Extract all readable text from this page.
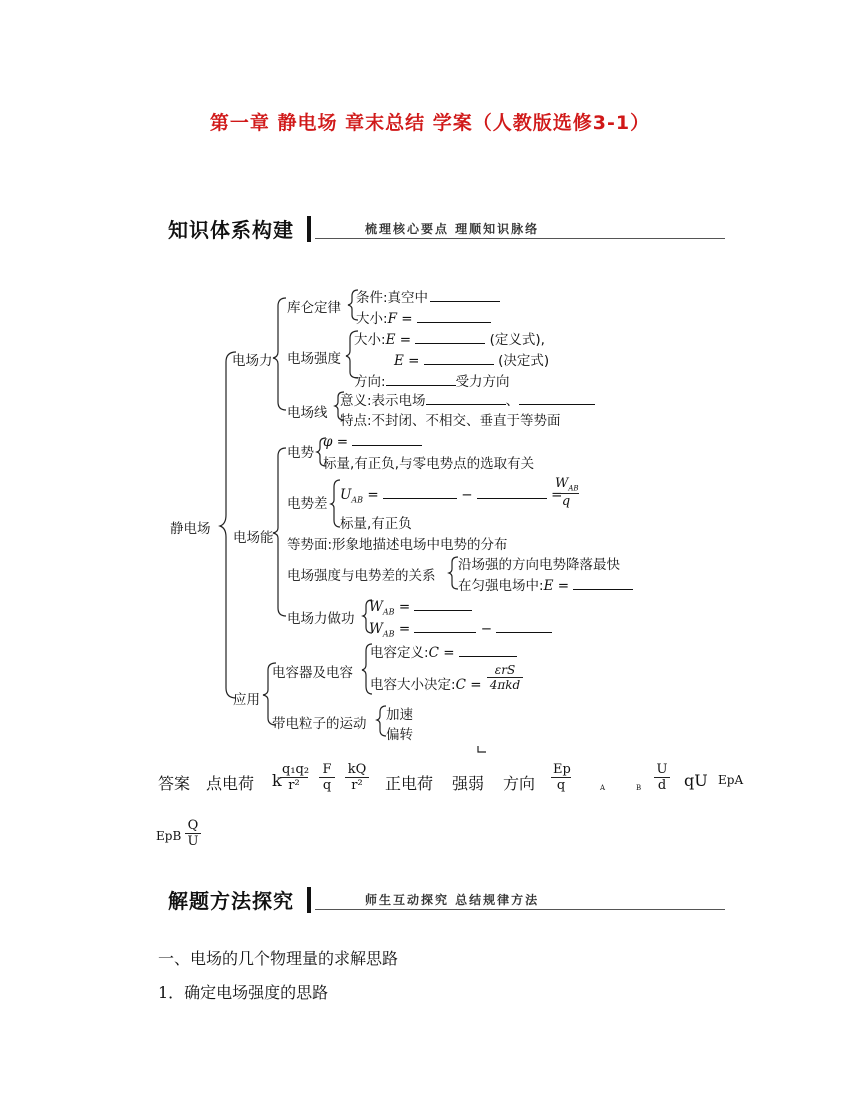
第一章 静电场 章末总结 学案（人教版选修3-1）
知识体系构建	梳理核心要点 理顺知识脉络
静电场
电场力
库仑定律
条件:真空中
大小:F =
电场强度
大小:E =	(定义式),
E =	(决定式)
方向:	受力方向
电场线
意义:表示电场	、
特点:不封闭、不相交、垂直于等势面
电场能
电势
φ =
标量,有正负,与零电势点的选取有关
电势差
$U_{AB}$ =	−	=
$W_{AB}$
q
标量,有正负
等势面:形象地描述电场中电势的分布
电场强度与电势差的关系
沿场强的方向电势降落最快
在匀强电场中:E =
电场力做功
$W_{AB}$ =
$W_{AB}$ =	−
应用
电容器及电容
电容定义:C =
电容大小决定:C =
εrS
4πkd
带电粒子的运动
加速
偏转
答案 点电荷 k
$\frac{\text{q₁q₂}}{\text{r²}} \frac{F}{q} \frac{kQ}{\text{r²}}$ 正电荷 强弱 方向 $\frac{Ep}{q}$	A	B $\frac{U}{d}$ qU EpA
EpB $\frac{Q}{U}$
解题方法探究	师生互动探究 总结规律方法
一、电场的几个物理量的求解思路
1．确定电场强度的思路
